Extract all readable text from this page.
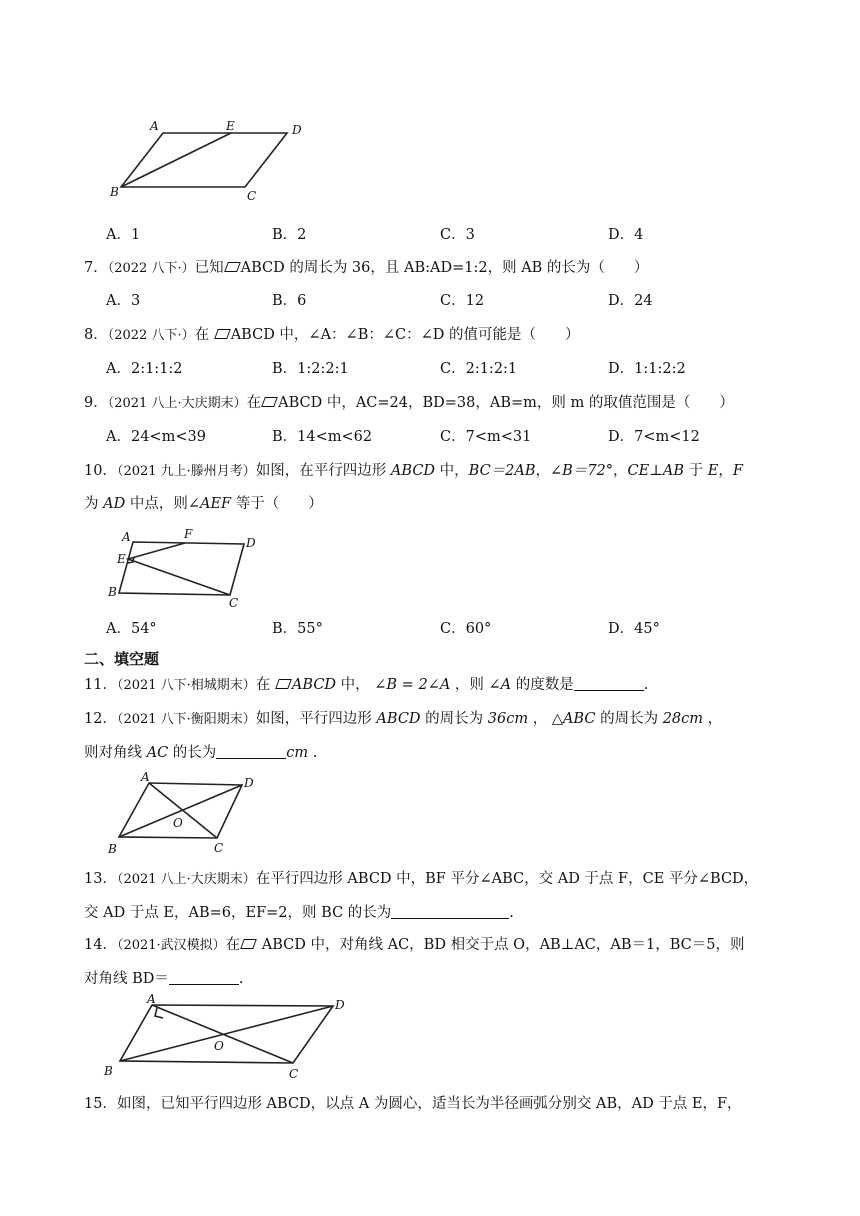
A	E	D
B	C
A．1	B．2	C．3	D．4
7．（2022 八下·）已知 ABCD 的周长为 36，且 AB:AD=1:2，则 AB 的长为（　　）
A．3	B．6	C．12	D．24
8．（2022 八下·）在 ABCD 中，∠A：∠B：∠C：∠D 的值可能是（　　）
A．2:1:1:2	B．1:2:2:1	C．2:1:2:1	D．1:1:2:2
9．（2021 八上·大庆期末）在 ABCD 中，AC=24，BD=38，AB=m，则 m 的取值范围是（　　）
A．24<m<39	B．14<m<62	C．7<m<31	D．7<m<12
10．（2021 九上·滕州月考）如图，在平行四边形 ABCD 中，BC＝2AB，∠B＝72°，CE⊥AB 于 E，F
为 AD 中点，则∠AEF 等于（　　）
A	F
D
E
B
C
A．54°	B．55°	C．60°	D．45°
二、填空题
11．（2021 八下·相城期末）在 ABCD 中， ∠B = 2∠A ，则 ∠A 的度数是	.
12．（2021 八下·衡阳期末）如图，平行四边形 ABCD 的周长为 36cm ， △ABC 的周长为 28cm ，
则对角线 AC 的长为	cm .
A	D
O
B	C
13．（2021 八上·大庆期末）在平行四边形 ABCD 中，BF 平分∠ABC，交 AD 于点 F，CE 平分∠BCD，
交 AD 于点 E，AB=6，EF=2，则 BC 的长为	.
14．（2021·武汉模拟）在 ABCD 中，对角线 AC，BD 相交于点 O，AB⊥AC，AB＝1，BC＝5，则
对角线 BD＝	.
A	D
O
B	C
15．如图，已知平行四边形 ABCD，以点 A 为圆心，适当长为半径画弧分别交 AB，AD 于点 E，F，
